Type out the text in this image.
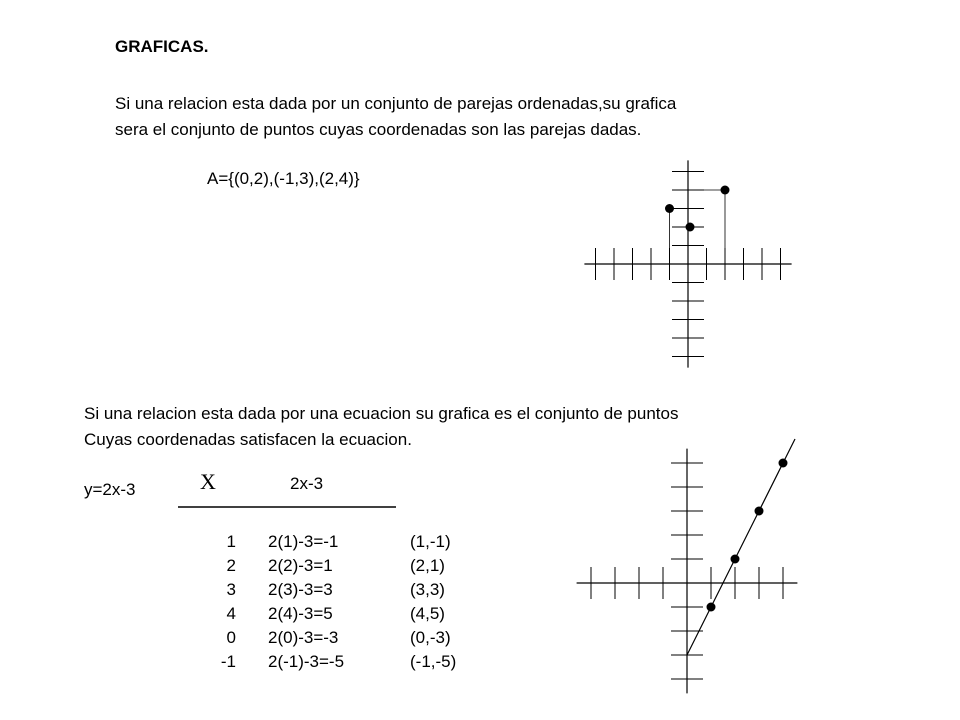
GRAFICAS.

Si una relacion esta dada por un conjunto de parejas ordenadas,su grafica

sera el conjunto de puntos cuyas coordenadas son las parejas dadas.

A={(0,2),(-1,3),(2,4)}

Si una relacion esta dada por una ecuacion su grafica es el conjunto de puntos

Cuyas coordenadas satisfacen la ecuacion.

y=2x-3	X	2x-3

1 2(1)-3=-1	(1,-1)
2 2(2)-3=1	(2,1)
3 2(3)-3=3	(3,3)
4 2(4)-3=5	(4,5)
0 2(0)-3=-3	(0,-3)
-1 2(-1)-3=-5	(-1,-5)
